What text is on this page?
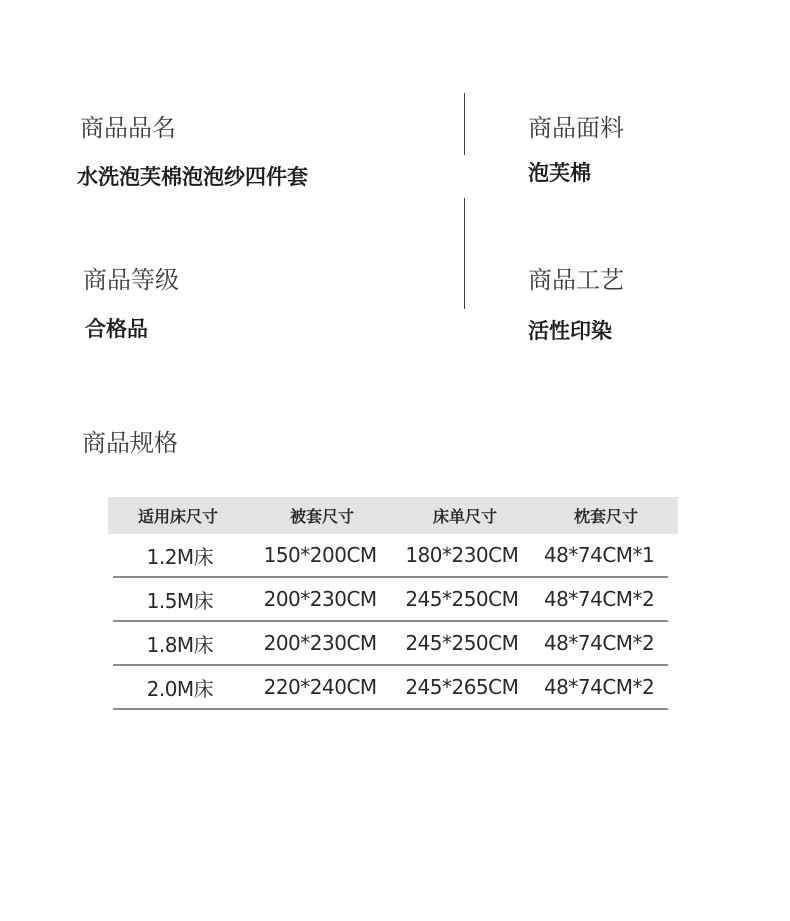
商品品名
水洗泡芙棉泡泡纱四件套
商品面料
泡芙棉
商品等级
合格品
商品工艺
活性印染
商品规格
适用床尺寸	被套尺寸	床单尺寸	枕套尺寸
1.2M床	150*200CM	180*230CM	48*74CM*1
1.5M床	200*230CM	245*250CM	48*74CM*2
1.8M床	200*230CM	245*250CM	48*74CM*2
2.0M床	220*240CM	245*265CM	48*74CM*2
